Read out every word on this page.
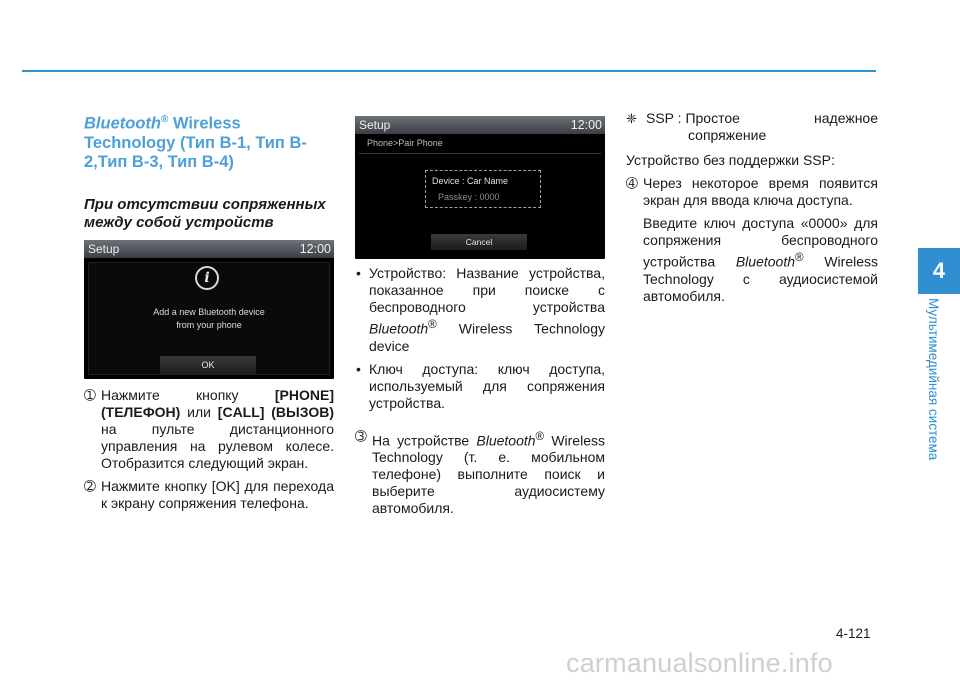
4
Мультимедийная система
Bluetooth® Wireless Technology (Тип B-1, Тип B-2,Тип B-3, Тип B-4)
При отсутствии сопряженных между собой устройств
Setup	12:00
i
Add a new Bluetooth device
from your phone
OK
➀ Нажмите кнопку [PHONE] (ТЕЛЕФОН) или [CALL] (ВЫЗОВ) на пульте дистанционного управления на рулевом колесе. Отобразится следующий экран.
➁ Нажмите кнопку [OK] для перехода к экрану сопряжения телефона.
Setup	12:00
Phone>Pair Phone
Device : Car Name
Passkey : 0000
Cancel
• Устройство: Название устройства, показанное при поиске с беспроводного устройства Bluetooth® Wireless Technology device
• Ключ доступа: ключ доступа, используемый для сопряжения устройства.
➂ На устройстве Bluetooth® Wireless Technology (т. е. мобильном телефоне) выполните поиск и выберите аудиосистему автомобиля.
❈ SSP : Простое	надежное
сопряжение
Устройство без поддержки SSP:
➃ Через некоторое время появится экран для ввода ключа доступа.
Введите ключ доступа «0000» для сопряжения беспроводного устройства Bluetooth® Wireless Technology с аудиосистемой автомобиля.
4-121
carmanualsonline.info
